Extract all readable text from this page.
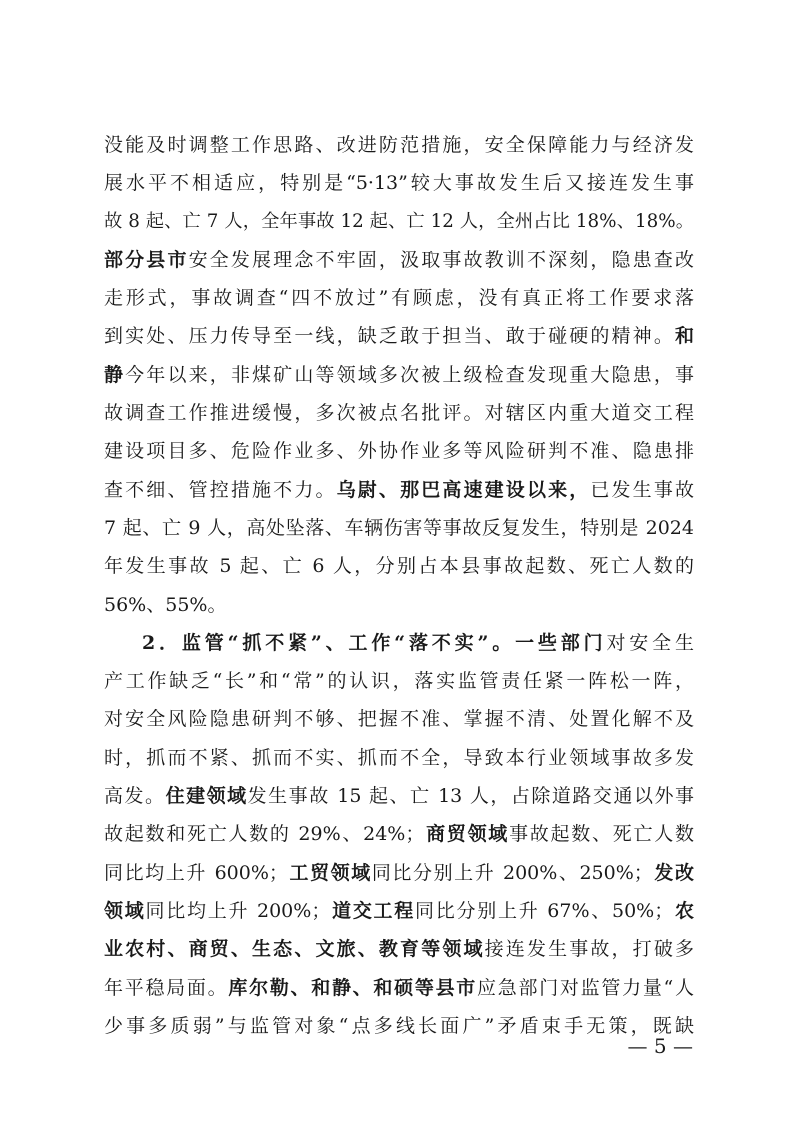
没能及时调整工作思路、改进防范措施，安全保障能力与经济发
展水平不相适应，特别是“5·13”较大事故发生后又接连发生事
故 8 起、亡 7 人，全年事故 12 起、亡 12 人，全州占比 18%、18%。
部分县市安全发展理念不牢固，汲取事故教训不深刻，隐患查改
走形式，事故调查“四不放过”有顾虑，没有真正将工作要求落
到实处、压力传导至一线，缺乏敢于担当、敢于碰硬的精神。和
静今年以来，非煤矿山等领域多次被上级检查发现重大隐患，事
故调查工作推进缓慢，多次被点名批评。对辖区内重大道交工程
建设项目多、危险作业多、外协作业多等风险研判不准、隐患排
查不细、管控措施不力。乌尉、那巴高速建设以来，已发生事故
7 起、亡 9 人，高处坠落、车辆伤害等事故反复发生，特别是 2024
年发生事故 5 起、亡 6 人，分别占本县事故起数、死亡人数的
56%、55%。
2．监管“抓不紧”、工作“落不实”。一些部门对安全生
产工作缺乏“长”和“常”的认识，落实监管责任紧一阵松一阵，
对安全风险隐患研判不够、把握不准、掌握不清、处置化解不及
时，抓而不紧、抓而不实、抓而不全，导致本行业领域事故多发
高发。住建领域发生事故 15 起、亡 13 人，占除道路交通以外事
故起数和死亡人数的 29%、24%；商贸领域事故起数、死亡人数
同比均上升 600%；工贸领域同比分别上升 200%、250%；发改
领域同比均上升 200%；道交工程同比分别上升 67%、50%；农
业农村、商贸、生态、文旅、教育等领域接连发生事故，打破多
年平稳局面。库尔勒、和静、和硕等县市应急部门对监管力量“人
少事多质弱”与监管对象“点多线长面广”矛盾束手无策，既缺
— 5 —
